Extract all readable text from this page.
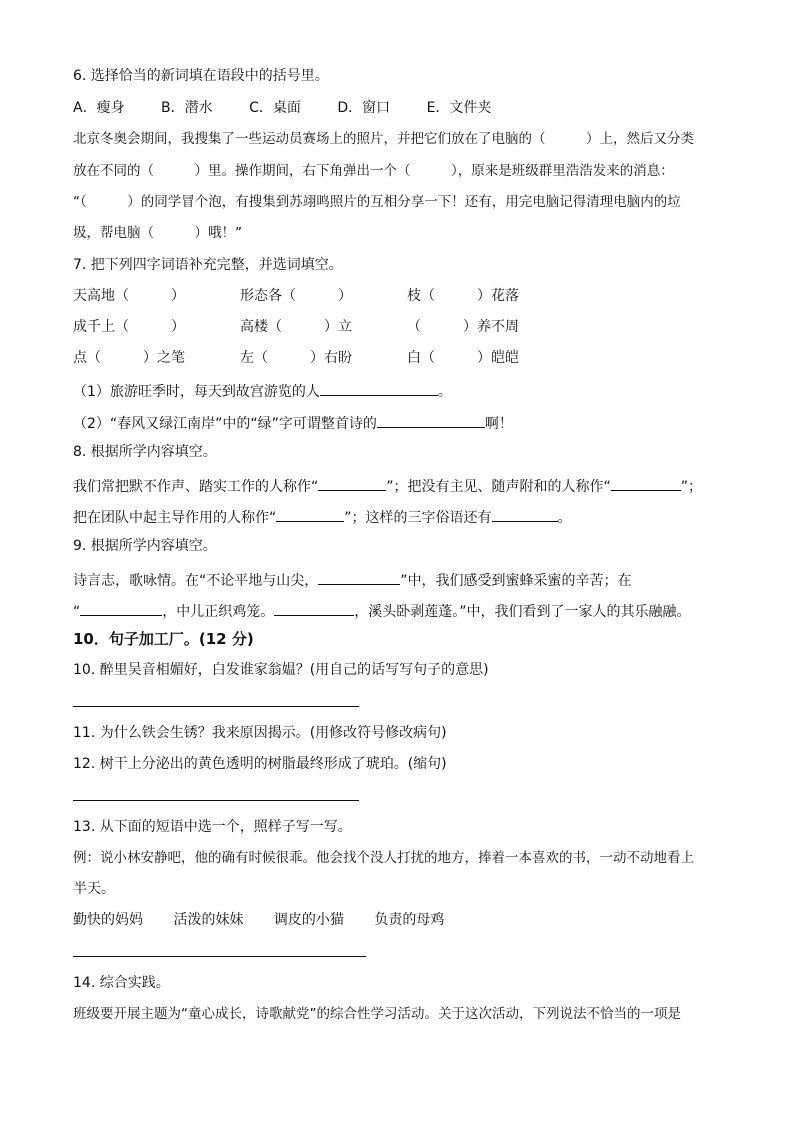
6. 选择恰当的新词填在语段中的括号里。
A．瘦身	B．潜水	C．桌面	D．窗口	E．文件夹
北京冬奥会期间，我搜集了一些运动员赛场上的照片，并把它们放在了电脑的（　　　）上，然后又分类
放在不同的（　　　）里。操作期间，右下角弹出一个（　　　），原来是班级群里浩浩发来的消息：
“（　　　）的同学冒个泡，有搜集到苏翊鸣照片的互相分享一下！还有，用完电脑记得清理电脑内的垃
圾，帮电脑（　　　）哦！”
7. 把下列四字词语补充完整，并选词填空。
天高地（　　　）	形态各（　　　）	枝（　　　）花落
成千上（　　　）	高楼（　　　）立	（　　　）养不周
点（　　　）之笔	左（　　　）右盼	白（　　　）皑皑
（1）旅游旺季时，每天到故宫游览的人	。
（2）“春风又绿江南岸”中的“绿”字可谓整首诗的	啊！
8. 根据所学内容填空。
我们常把默不作声、踏实工作的人称作“	”；把没有主见、随声附和的人称作“	”；
把在团队中起主导作用的人称作“	”；这样的三字俗语还有	。
9. 根据所学内容填空。
诗言志，歌咏情。在“不论平地与山尖，	”中，我们感受到蜜蜂采蜜的辛苦；在
“	，中儿正织鸡笼。	，溪头卧剥莲蓬。”中，我们看到了一家人的其乐融融。
10．句子加工厂。(12 分)
10. 醉里吴音相媚好，白发谁家翁媪？(用自己的话写写句子的意思)
11. 为什么铁会生锈？我来原因揭示。(用修改符号修改病句)
12. 树干上分泌出的黄色透明的树脂最终形成了琥珀。(缩句)
13. 从下面的短语中选一个，照样子写一写。
例：说小林安静吧，他的确有时候很乖。他会找个没人打扰的地方，捧着一本喜欢的书，一动不动地看上
半天。
勤快的妈妈 活泼的妹妹 调皮的小猫 负责的母鸡
14. 综合实践。
班级要开展主题为“童心成长，诗歌献党”的综合性学习活动。关于这次活动，下列说法不恰当的一项是
